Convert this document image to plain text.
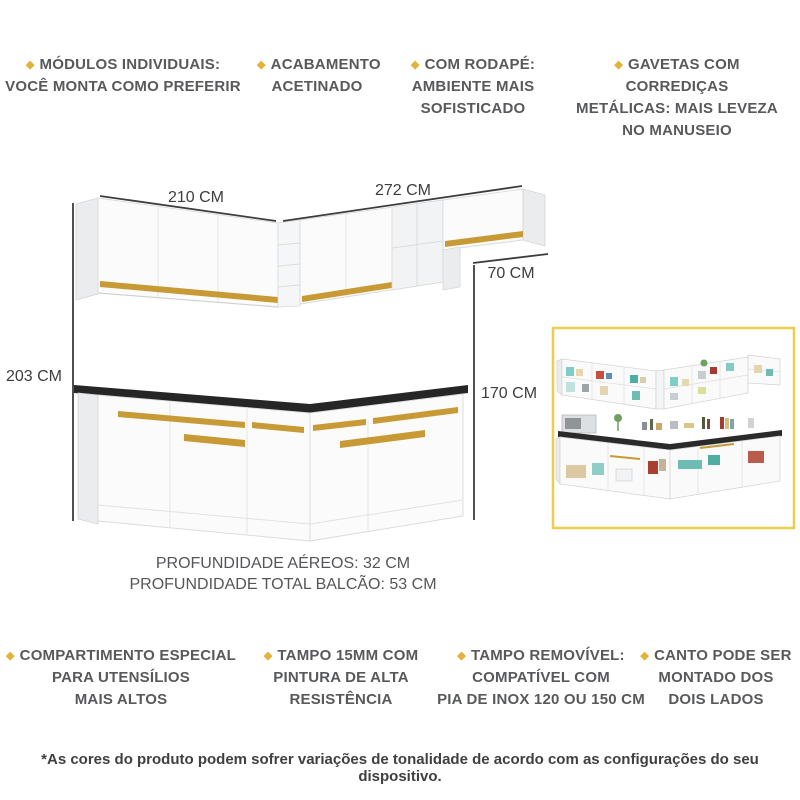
◆ MÓDULOS INDIVIDUAIS:
VOCÊ MONTA COMO PREFERIR
◆ ACABAMENTO
ACETINADO
◆ COM RODAPÉ:
AMBIENTE MAIS
SOFISTICADO
◆ GAVETAS COM CORREDIÇAS
METÁLICAS: MAIS LEVEZA
NO MANUSEIO
210 CM	272 CM
70 CM
203 CM
170 CM
PROFUNDIDADE AÉREOS: 32 CM
PROFUNDIDADE TOTAL BALCÃO: 53 CM
◆ COMPARTIMENTO ESPECIAL
PARA UTENSÍLIOS
MAIS ALTOS
◆ TAMPO 15MM COM
PINTURA DE ALTA
RESISTÊNCIA
◆ TAMPO REMOVÍVEL:
COMPATÍVEL COM
PIA DE INOX 120 OU 150 CM
◆ CANTO PODE SER
MONTADO DOS
DOIS LADOS
*As cores do produto podem sofrer variações de tonalidade de acordo com as configurações do seu dispositivo.
